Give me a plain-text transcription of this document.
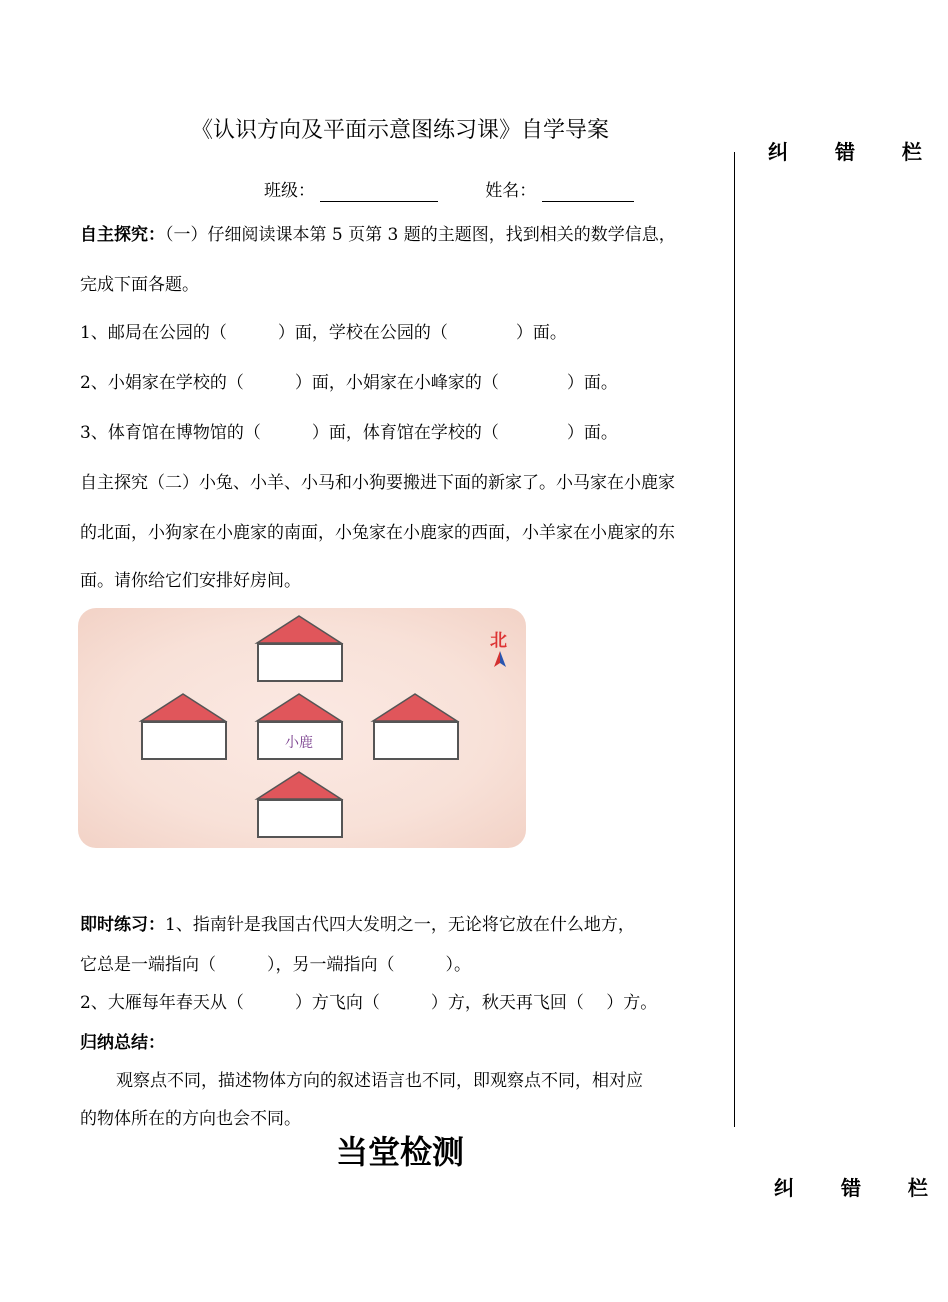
《认识方向及平面示意图练习课》自学导案
纠 错 栏
班级：	姓名：
自主探究：（一）仔细阅读课本第 5 页第 3 题的主题图，找到相关的数学信息，
完成下面各题。
1、邮局在公园的（　　　）面，学校在公园的（　　　　）面。
2、小娟家在学校的（　　　）面，小娟家在小峰家的（　　　　）面。
3、体育馆在博物馆的（　　　）面，体育馆在学校的（　　　　）面。
自主探究（二）小兔、小羊、小马和小狗要搬进下面的新家了。小马家在小鹿家
的北面，小狗家在小鹿家的南面，小兔家在小鹿家的西面，小羊家在小鹿家的东
面。请你给它们安排好房间。
小鹿
北
即时练习：1、指南针是我国古代四大发明之一，无论将它放在什么地方，
它总是一端指向（　　　），另一端指向（　　　）。
2、大雁每年春天从（　　　）方飞向（　　　）方，秋天再飞回（　 ）方。
归纳总结：
观察点不同，描述物体方向的叙述语言也不同，即观察点不同，相对应
的物体所在的方向也会不同。
当堂检测
纠 错 栏
